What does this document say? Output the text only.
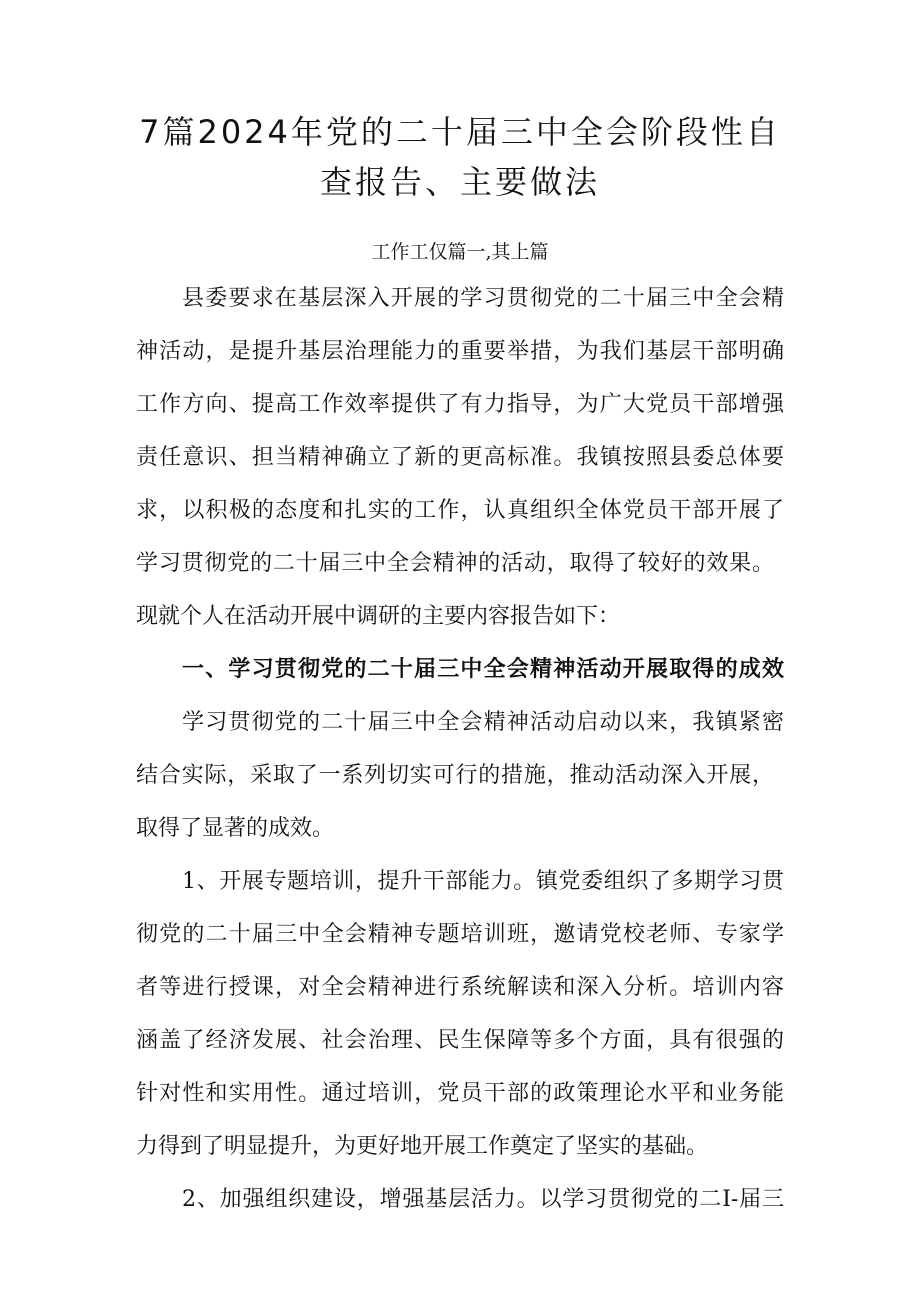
7篇2024年党的二十届三中全会阶段性自
查报告、主要做法
工作工仅篇一,其上篇
县委要求在基层深入开展的学习贯彻党的二十届三中全会精
神活动，是提升基层治理能力的重要举措，为我们基层干部明确
工作方向、提高工作效率提供了有力指导，为广大党员干部增强
责任意识、担当精神确立了新的更高标准。我镇按照县委总体要
求，以积极的态度和扎实的工作，认真组织全体党员干部开展了
学习贯彻党的二十届三中全会精神的活动，取得了较好的效果。
现就个人在活动开展中调研的主要内容报告如下：
一、学习贯彻党的二十届三中全会精神活动开展取得的成效
学习贯彻党的二十届三中全会精神活动启动以来，我镇紧密
结合实际，采取了一系列切实可行的措施，推动活动深入开展，
取得了显著的成效。
1、开展专题培训，提升干部能力。镇党委组织了多期学习贯
彻党的二十届三中全会精神专题培训班，邀请党校老师、专家学
者等进行授课，对全会精神进行系统解读和深入分析。培训内容
涵盖了经济发展、社会治理、民生保障等多个方面，具有很强的
针对性和实用性。通过培训，党员干部的政策理论水平和业务能
力得到了明显提升，为更好地开展工作奠定了坚实的基础。
2、加强组织建设，增强基层活力。以学习贯彻党的二I-届三
